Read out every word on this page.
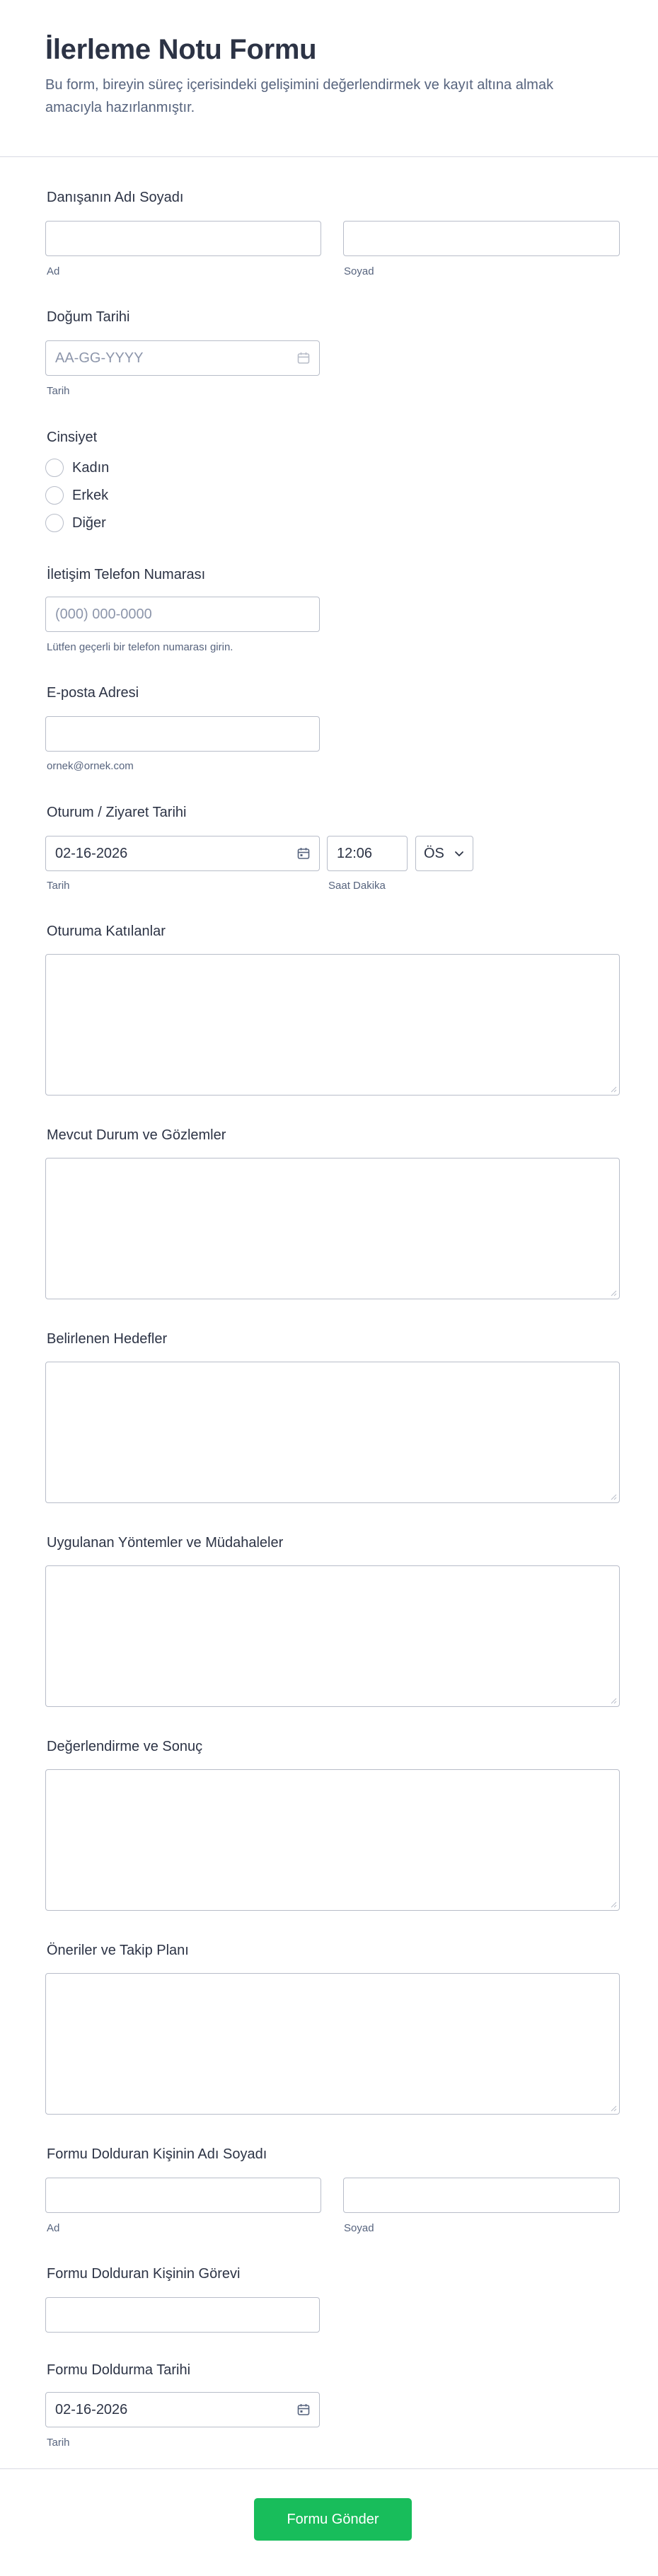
İlerleme Notu Formu
Bu form, bireyin süreç içerisindeki gelişimini değerlendirmek ve kayıt altına almak amacıyla hazırlanmıştır.
Danışanın Adı Soyadı
Ad	Soyad
Doğum Tarihi
AA-GG-YYYY
Tarih
Cinsiyet
Kadın
Erkek
Diğer
İletişim Telefon Numarası
(000) 000-0000
Lütfen geçerli bir telefon numarası girin.
E-posta Adresi
ornek@ornek.com
Oturum / Ziyaret Tarihi
02-16-2026	12:06	ÖS
Tarih	Saat Dakika
Oturuma Katılanlar
Mevcut Durum ve Gözlemler
Belirlenen Hedefler
Uygulanan Yöntemler ve Müdahaleler
Değerlendirme ve Sonuç
Öneriler ve Takip Planı
Formu Dolduran Kişinin Adı Soyadı
Ad	Soyad
Formu Dolduran Kişinin Görevi
Formu Doldurma Tarihi
02-16-2026
Tarih
Formu Gönder
